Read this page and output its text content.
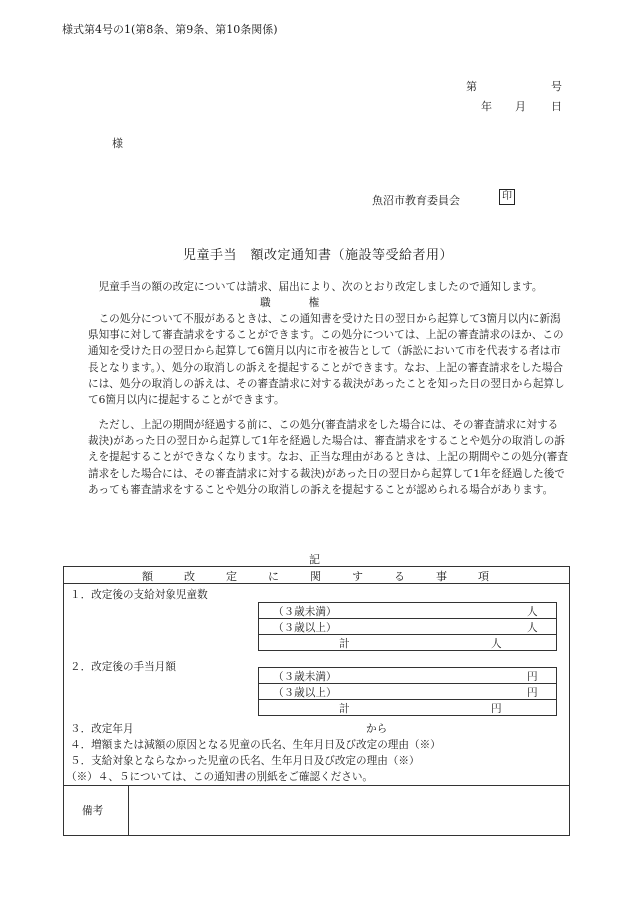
様式第4号の1(第8条、第9条、第10条関係)
第	号
年 月 日
様
魚沼市教育委員会	印
児童手当　額改定通知書（施設等受給者用）
　児童手当の額の改定については請求、届出により、次のとおり改定しましたので通知します。
職	権
　この処分について不服があるときは、この通知書を受けた日の翌日から起算して3箇月以内に新潟県知事に対して審査請求をすることができます。この処分については、上記の審査請求のほか、この通知を受けた日の翌日から起算して6箇月以内に市を被告として（訴訟において市を代表する者は市長となります。）、処分の取消しの訴えを提起することができます。なお、上記の審査請求をした場合には、処分の取消しの訴えは、その審査請求に対する裁決があったことを知った日の翌日から起算して6箇月以内に提起することができます。
　ただし、上記の期間が経過する前に、この処分(審査請求をした場合には、その審査請求に対する裁決)があった日の翌日から起算して1年を経過した場合は、審査請求をすることや処分の取消しの訴えを提起することができなくなります。なお、正当な理由があるときは、上記の期間やこの処分(審査請求をした場合には、その審査請求に対する裁決)があった日の翌日から起算して1年を経過した後であっても審査請求をすることや処分の取消しの訴えを提起することが認められる場合があります。
記
額	改	定	に	関	す	る	事	項
１．改定後の支給対象児童数
（３歳未満）	人
（３歳以上）	人
計	人
２．改定後の手当月額
（３歳未満）	円
（３歳以上）	円
計	円
３．改定年月	から
４．増額または減額の原因となる児童の氏名、生年月日及び改定の理由（※）
５．支給対象とならなかった児童の氏名、生年月日及び改定の理由（※）
（※）４、５については、この通知書の別紙をご確認ください。
備考
